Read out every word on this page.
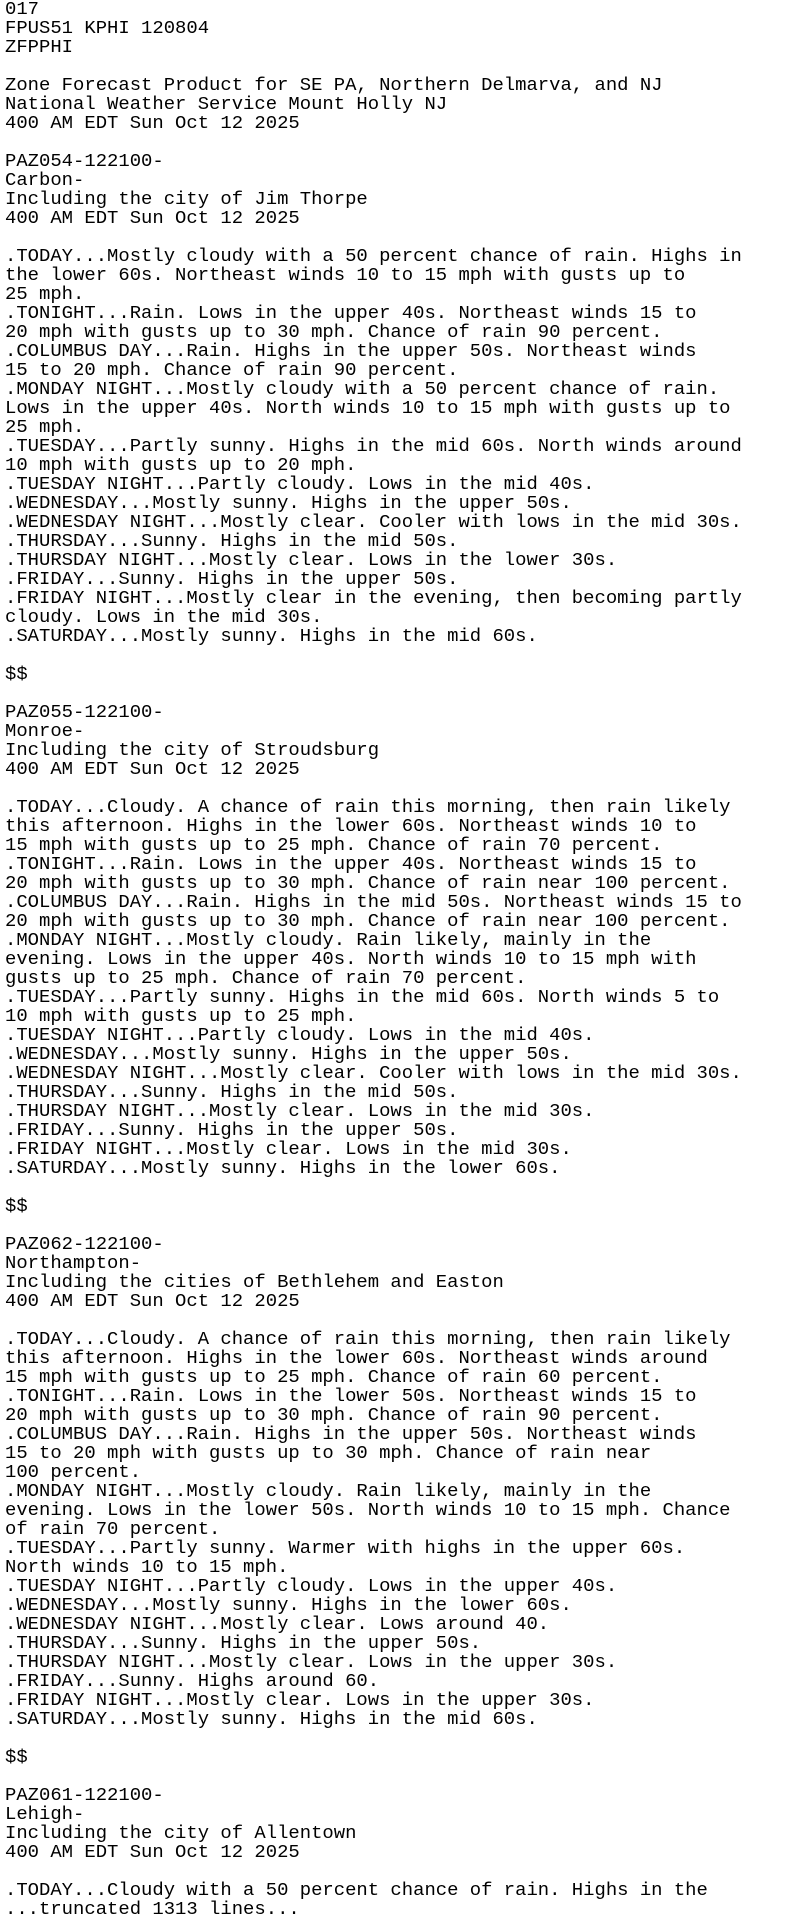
017
FPUS51 KPHI 120804
ZFPPHI

Zone Forecast Product for SE PA, Northern Delmarva, and NJ
National Weather Service Mount Holly NJ
400 AM EDT Sun Oct 12 2025

PAZ054-122100-
Carbon-
Including the city of Jim Thorpe
400 AM EDT Sun Oct 12 2025

.TODAY...Mostly cloudy with a 50 percent chance of rain. Highs in
the lower 60s. Northeast winds 10 to 15 mph with gusts up to
25 mph.
.TONIGHT...Rain. Lows in the upper 40s. Northeast winds 15 to
20 mph with gusts up to 30 mph. Chance of rain 90 percent.
.COLUMBUS DAY...Rain. Highs in the upper 50s. Northeast winds
15 to 20 mph. Chance of rain 90 percent.
.MONDAY NIGHT...Mostly cloudy with a 50 percent chance of rain.
Lows in the upper 40s. North winds 10 to 15 mph with gusts up to
25 mph.
.TUESDAY...Partly sunny. Highs in the mid 60s. North winds around
10 mph with gusts up to 20 mph.
.TUESDAY NIGHT...Partly cloudy. Lows in the mid 40s.
.WEDNESDAY...Mostly sunny. Highs in the upper 50s.
.WEDNESDAY NIGHT...Mostly clear. Cooler with lows in the mid 30s.
.THURSDAY...Sunny. Highs in the mid 50s.
.THURSDAY NIGHT...Mostly clear. Lows in the lower 30s.
.FRIDAY...Sunny. Highs in the upper 50s.
.FRIDAY NIGHT...Mostly clear in the evening, then becoming partly
cloudy. Lows in the mid 30s.
.SATURDAY...Mostly sunny. Highs in the mid 60s.

$$

PAZ055-122100-
Monroe-
Including the city of Stroudsburg
400 AM EDT Sun Oct 12 2025

.TODAY...Cloudy. A chance of rain this morning, then rain likely
this afternoon. Highs in the lower 60s. Northeast winds 10 to
15 mph with gusts up to 25 mph. Chance of rain 70 percent.
.TONIGHT...Rain. Lows in the upper 40s. Northeast winds 15 to
20 mph with gusts up to 30 mph. Chance of rain near 100 percent.
.COLUMBUS DAY...Rain. Highs in the mid 50s. Northeast winds 15 to
20 mph with gusts up to 30 mph. Chance of rain near 100 percent.
.MONDAY NIGHT...Mostly cloudy. Rain likely, mainly in the
evening. Lows in the upper 40s. North winds 10 to 15 mph with
gusts up to 25 mph. Chance of rain 70 percent.
.TUESDAY...Partly sunny. Highs in the mid 60s. North winds 5 to
10 mph with gusts up to 25 mph.
.TUESDAY NIGHT...Partly cloudy. Lows in the mid 40s.
.WEDNESDAY...Mostly sunny. Highs in the upper 50s.
.WEDNESDAY NIGHT...Mostly clear. Cooler with lows in the mid 30s.
.THURSDAY...Sunny. Highs in the mid 50s.
.THURSDAY NIGHT...Mostly clear. Lows in the mid 30s.
.FRIDAY...Sunny. Highs in the upper 50s.
.FRIDAY NIGHT...Mostly clear. Lows in the mid 30s.
.SATURDAY...Mostly sunny. Highs in the lower 60s.

$$

PAZ062-122100-
Northampton-
Including the cities of Bethlehem and Easton
400 AM EDT Sun Oct 12 2025

.TODAY...Cloudy. A chance of rain this morning, then rain likely
this afternoon. Highs in the lower 60s. Northeast winds around
15 mph with gusts up to 25 mph. Chance of rain 60 percent.
.TONIGHT...Rain. Lows in the lower 50s. Northeast winds 15 to
20 mph with gusts up to 30 mph. Chance of rain 90 percent.
.COLUMBUS DAY...Rain. Highs in the upper 50s. Northeast winds
15 to 20 mph with gusts up to 30 mph. Chance of rain near
100 percent.
.MONDAY NIGHT...Mostly cloudy. Rain likely, mainly in the
evening. Lows in the lower 50s. North winds 10 to 15 mph. Chance
of rain 70 percent.
.TUESDAY...Partly sunny. Warmer with highs in the upper 60s.
North winds 10 to 15 mph.
.TUESDAY NIGHT...Partly cloudy. Lows in the upper 40s.
.WEDNESDAY...Mostly sunny. Highs in the lower 60s.
.WEDNESDAY NIGHT...Mostly clear. Lows around 40.
.THURSDAY...Sunny. Highs in the upper 50s.
.THURSDAY NIGHT...Mostly clear. Lows in the upper 30s.
.FRIDAY...Sunny. Highs around 60.
.FRIDAY NIGHT...Mostly clear. Lows in the upper 30s.
.SATURDAY...Mostly sunny. Highs in the mid 60s.

$$

PAZ061-122100-
Lehigh-
Including the city of Allentown
400 AM EDT Sun Oct 12 2025

.TODAY...Cloudy with a 50 percent chance of rain. Highs in the
...truncated 1313 lines...
